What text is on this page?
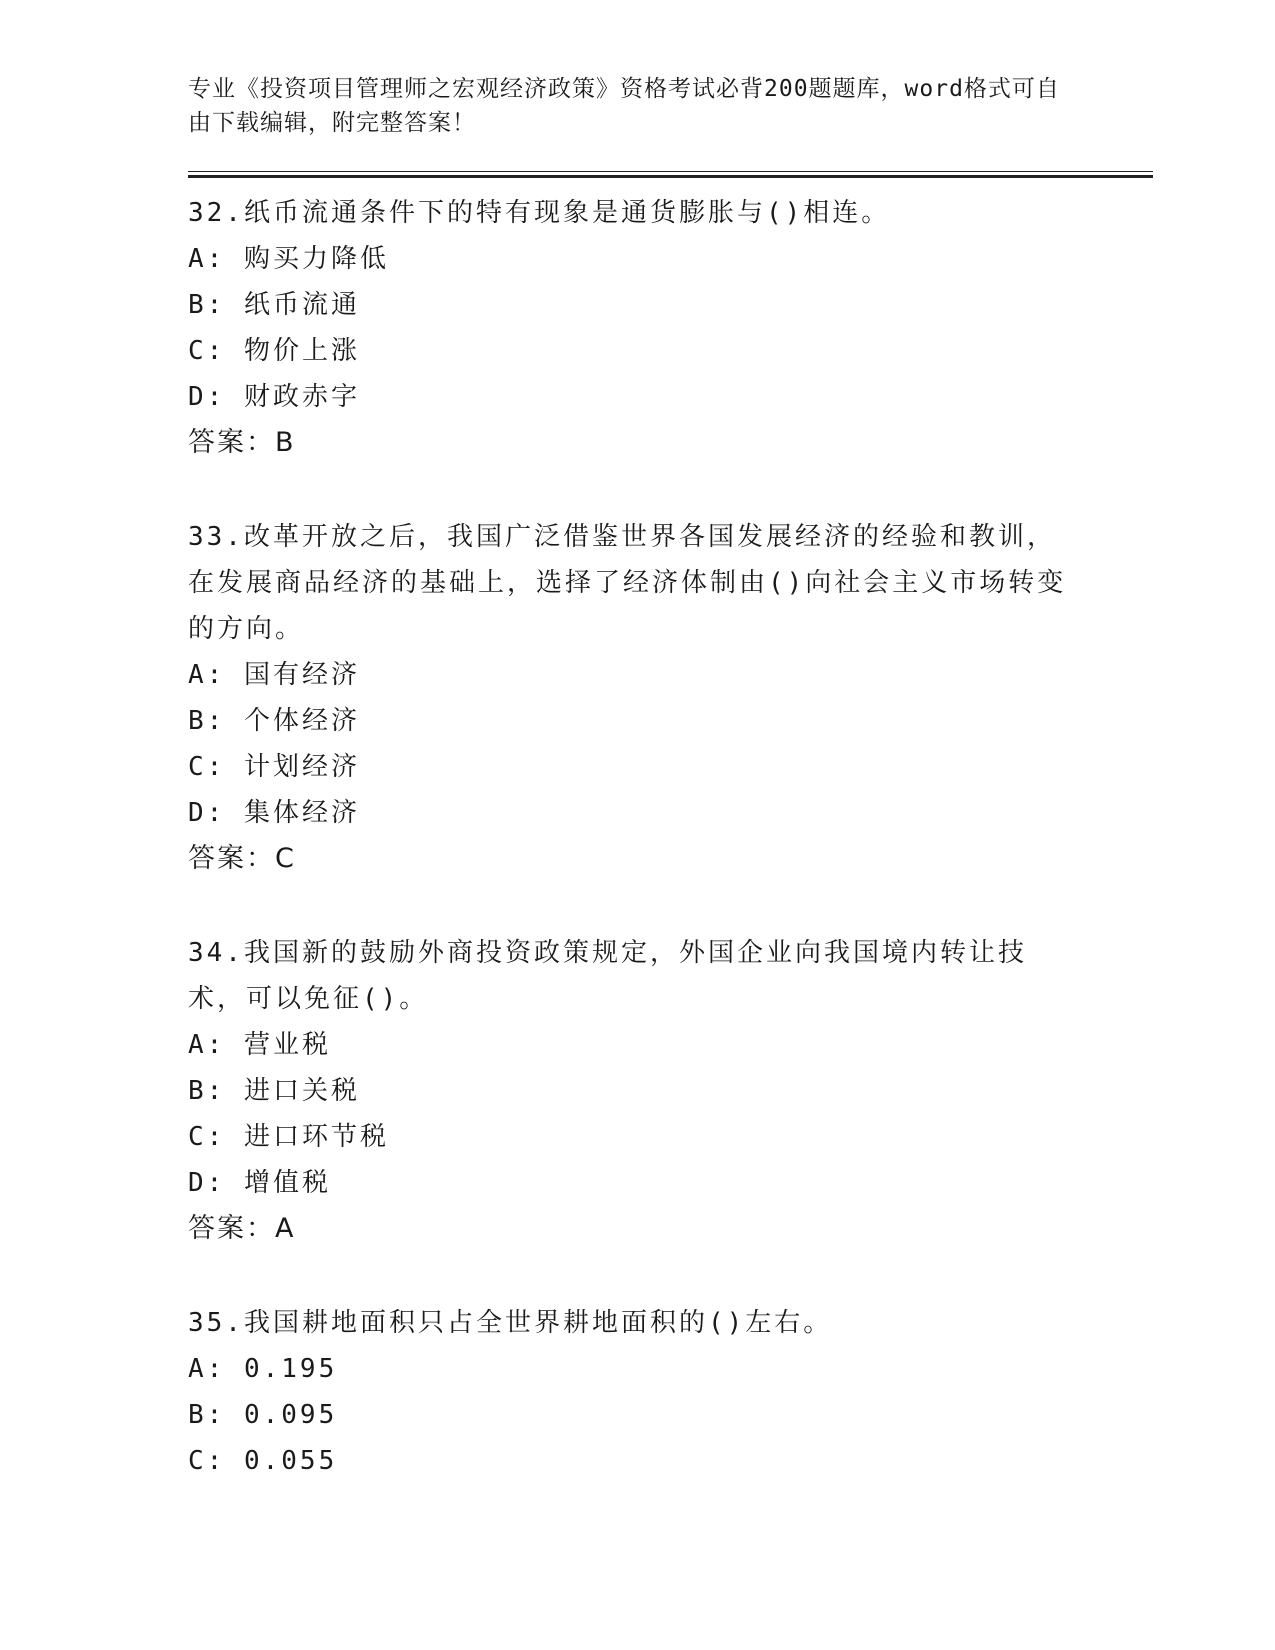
专业《投资项目管理师之宏观经济政策》资格考试必背200题题库，word格式可自由下载编辑，附完整答案！
32.纸币流通条件下的特有现象是通货膨胀与()相连。
A: 购买力降低
B: 纸币流通
C: 物价上涨
D: 财政赤字
答案：B
33.改革开放之后，我国广泛借鉴世界各国发展经济的经验和教训，在发展商品经济的基础上，选择了经济体制由()向社会主义市场转变的方向。
A: 国有经济
B: 个体经济
C: 计划经济
D: 集体经济
答案：C
34.我国新的鼓励外商投资政策规定，外国企业向我国境内转让技术，可以免征()。
A: 营业税
B: 进口关税
C: 进口环节税
D: 增值税
答案：A
35.我国耕地面积只占全世界耕地面积的()左右。
A: 0.195
B: 0.095
C: 0.055
